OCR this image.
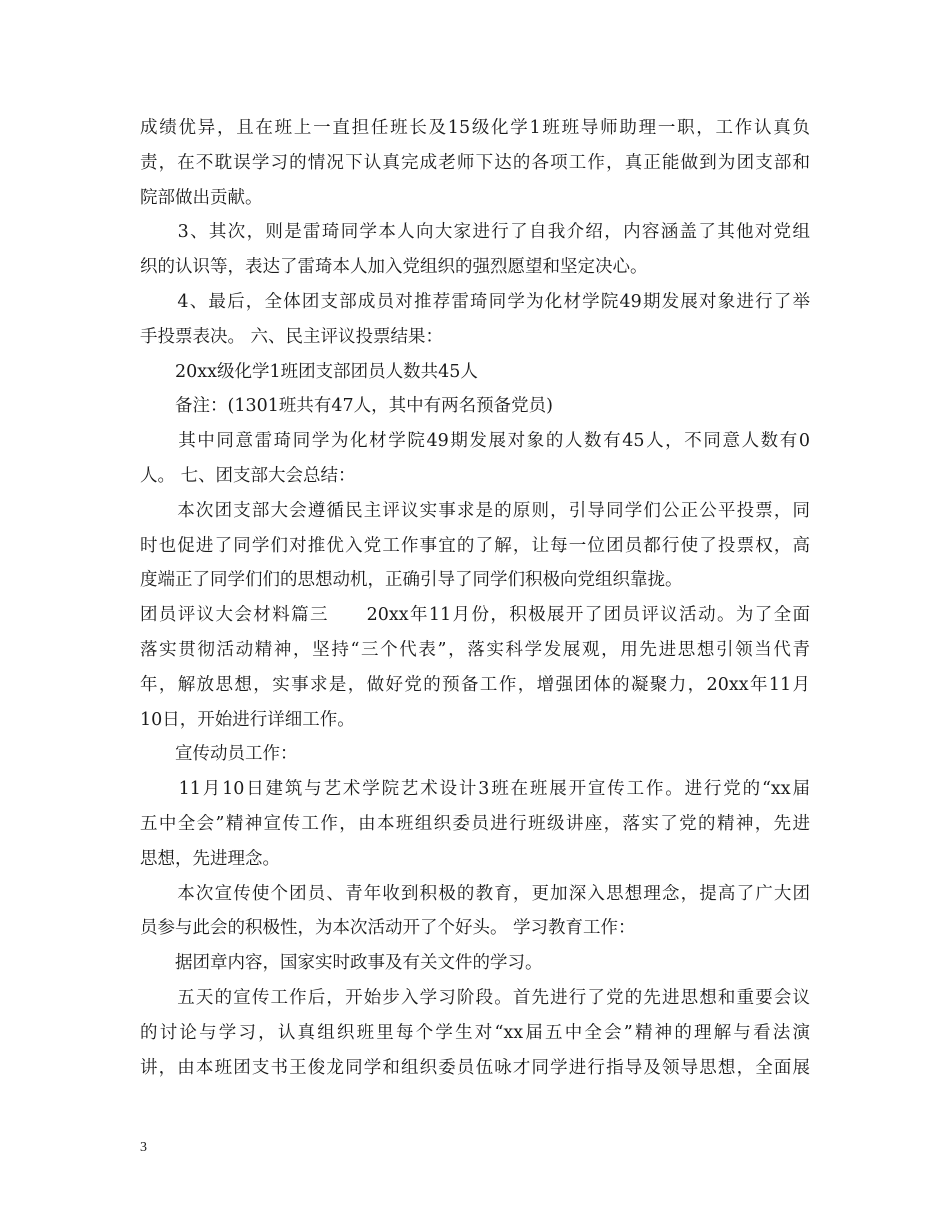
成绩优异，且在班上一直担任班长及15级化学1班班导师助理一职，工作认真负
责，在不耽误学习的情况下认真完成老师下达的各项工作，真正能做到为团支部和
院部做出贡献。
　　3、其次，则是雷琦同学本人向大家进行了自我介绍，内容涵盖了其他对党组
织的认识等，表达了雷琦本人加入党组织的强烈愿望和坚定决心。
　　4、最后，全体团支部成员对推荐雷琦同学为化材学院49期发展对象进行了举
手投票表决。 六、民主评议投票结果：
　　20xx级化学1班团支部团员人数共45人
　　备注：(1301班共有47人，其中有两名预备党员)
　　其中同意雷琦同学为化材学院49期发展对象的人数有45人，不同意人数有0
人。 七、团支部大会总结：
　　本次团支部大会遵循民主评议实事求是的原则，引导同学们公正公平投票，同
时也促进了同学们对推优入党工作事宜的了解，让每一位团员都行使了投票权，高
度端正了同学们们的思想动机，正确引导了同学们积极向党组织靠拢。
团员评议大会材料篇三　　20xx年11月份，积极展开了团员评议活动。为了全面
落实贯彻活动精神，坚持“三个代表”，落实科学发展观，用先进思想引领当代青
年，解放思想，实事求是，做好党的预备工作，增强团体的凝聚力，20xx年11月
10日，开始进行详细工作。
　　宣传动员工作：
　　11月10日建筑与艺术学院艺术设计3班在班展开宣传工作。进行党的“xx届
五中全会”精神宣传工作，由本班组织委员进行班级讲座，落实了党的精神，先进
思想，先进理念。
　　本次宣传使个团员、青年收到积极的教育，更加深入思想理念，提高了广大团
员参与此会的积极性，为本次活动开了个好头。 学习教育工作：
　　据团章内容，国家实时政事及有关文件的学习。
　　五天的宣传工作后，开始步入学习阶段。首先进行了党的先进思想和重要会议
的讨论与学习，认真组织班里每个学生对“xx届五中全会”精神的理解与看法演
讲，由本班团支书王俊龙同学和组织委员伍咏才同学进行指导及领导思想，全面展
3
